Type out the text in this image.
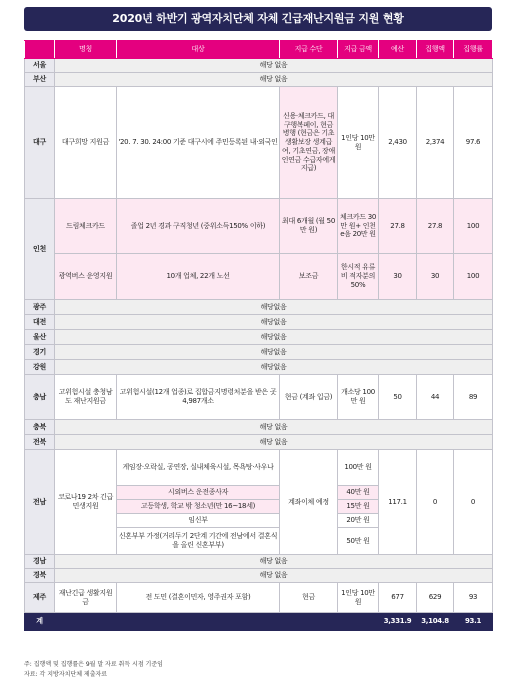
2020년 하반기 광역자치단체 자체 긴급재난지원금 지원 현황
	명칭	대상	지급 수단	지급 금액	예산	집행액	집행률
서울	해당 없음						
부산	해당 없음						
대구	대구희망 지원금	'20. 7. 30. 24:00 기준 대구시에 주민등록된 내·외국인	신용·체크카드, 대구행복페이, 현금 병행 (현금은 기초생활보장 생계급여, 기초연금, 장애인연금 수급자에게 지급)	1인당 10만 원	2,430	2,374	97.6
인천	드림체크카드	졸업 2년 경과 구직청년 (중위소득150% 이하)	최대 6개월 (월 50만 원)	체크카드 30만 원+ 인천e음 20만 원	27.8	27.8	100
	광역버스 운영지원	10개 업체, 22개 노선	보조금	한시적 유류비 적자분의 50%	30	30	100
광주	해당없음						
대전	해당없음						
울산	해당없음						
경기	해당없음						
강원	해당없음						
충남	고위험시설 충청남도 재난지원금	고위험시설(12개 업종)로 집합금지명령처분을 받은 곳 4,987개소	현금 (계좌 입금)	개소당 100만 원	50	44	89
충북	해당 없음						
전북	해당 없음						
전남	코로나19 2차 긴급 민생지원	게임장·오락실, 공연장, 실내체육시설, 목욕탕·사우나	계좌이체 예정	100만 원	117.1	0	0
		시외버스 운전종사자		40만 원			
		고등학생, 학교 밖 청소년(만 16~18세)		15만 원			
		임신부		20만 원			
		신혼부부 가정(거리두기 2단계 기간에 전남에서 결혼식을 올린 신혼부부)		50만 원			
경남	해당 없음						
경북	해당 없음						
제주	재난긴급 생활지원금	전 도민 (결혼이민자, 영주권자 포함)	현금	1인당 10만 원	677	629	93
계					3,331.9	3,104.8	93.1
주: 집행액 및 집행률은 9월 말 자료 취득 시점 기준임
자료: 각 지방자치단체 제출자료
